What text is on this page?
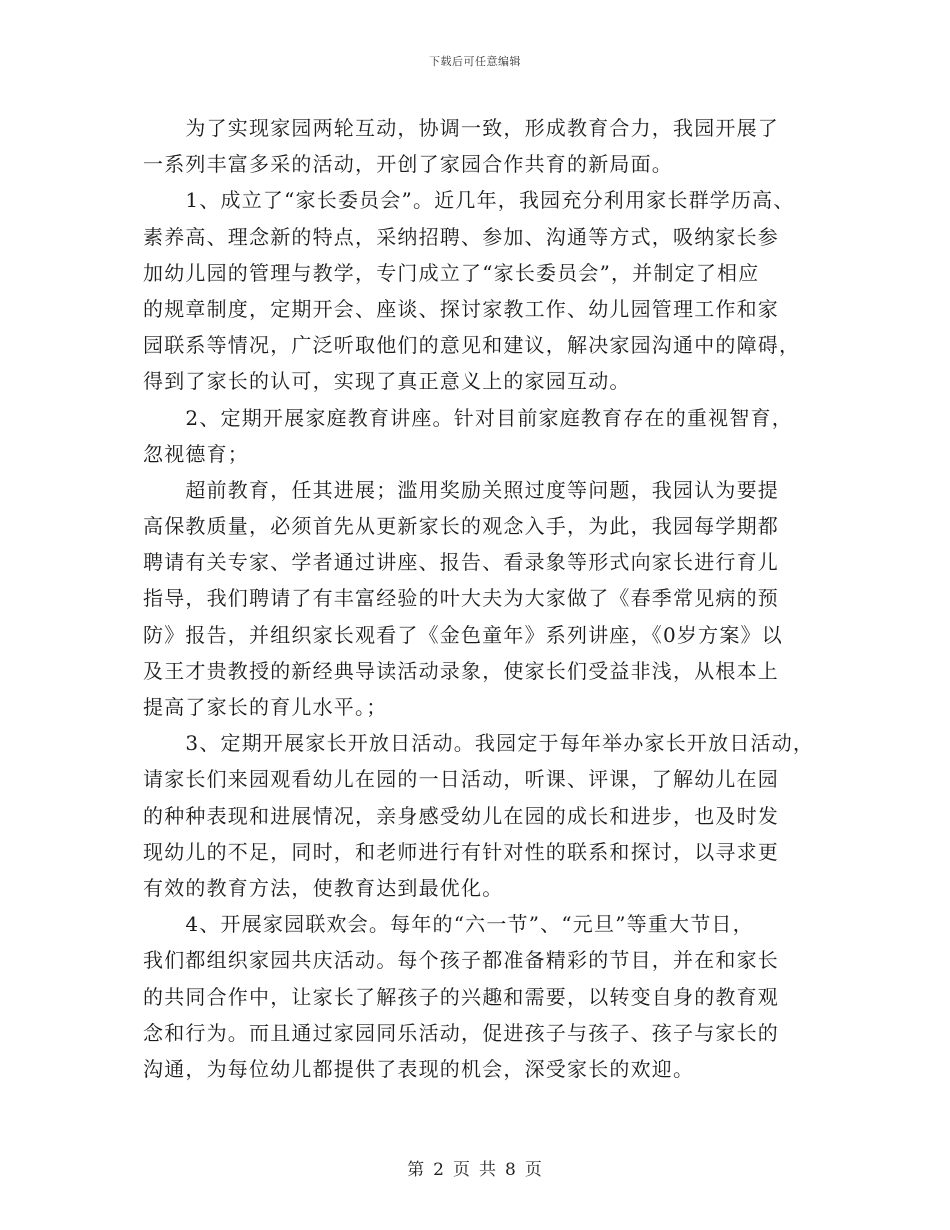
下载后可任意编辑
　　为了实现家园两轮互动，协调一致，形成教育合力，我园开展了
一系列丰富多采的活动，开创了家园合作共育的新局面。
　　1、成立了“家长委员会”。近几年，我园充分利用家长群学历高、
素养高、理念新的特点，采纳招聘、参加、沟通等方式，吸纳家长参
加幼儿园的管理与教学，专门成立了“家长委员会”，并制定了相应
的规章制度，定期开会、座谈、探讨家教工作、幼儿园管理工作和家
园联系等情况，广泛听取他们的意见和建议，解决家园沟通中的障碍，
得到了家长的认可，实现了真正意义上的家园互动。
　　2、定期开展家庭教育讲座。针对目前家庭教育存在的重视智育，
忽视德育；
　　超前教育，任其进展；滥用奖励关照过度等问题，我园认为要提
高保教质量，必须首先从更新家长的观念入手，为此，我园每学期都
聘请有关专家、学者通过讲座、报告、看录象等形式向家长进行育儿
指导，我们聘请了有丰富经验的叶大夫为大家做了《春季常见病的预
防》报告，并组织家长观看了《金色童年》系列讲座，《0岁方案》以
及王才贵教授的新经典导读活动录象，使家长们受益非浅，从根本上
提高了家长的育儿水平。；
　　3、定期开展家长开放日活动。我园定于每年举办家长开放日活动，
请家长们来园观看幼儿在园的一日活动，听课、评课，了解幼儿在园
的种种表现和进展情况，亲身感受幼儿在园的成长和进步，也及时发
现幼儿的不足，同时，和老师进行有针对性的联系和探讨，以寻求更
有效的教育方法，使教育达到最优化。
　　4、开展家园联欢会。每年的“六一节”、“元旦”等重大节日，
我们都组织家园共庆活动。每个孩子都准备精彩的节目，并在和家长
的共同合作中，让家长了解孩子的兴趣和需要，以转变自身的教育观
念和行为。而且通过家园同乐活动，促进孩子与孩子、孩子与家长的
沟通，为每位幼儿都提供了表现的机会，深受家长的欢迎。
第 2 页 共 8 页
